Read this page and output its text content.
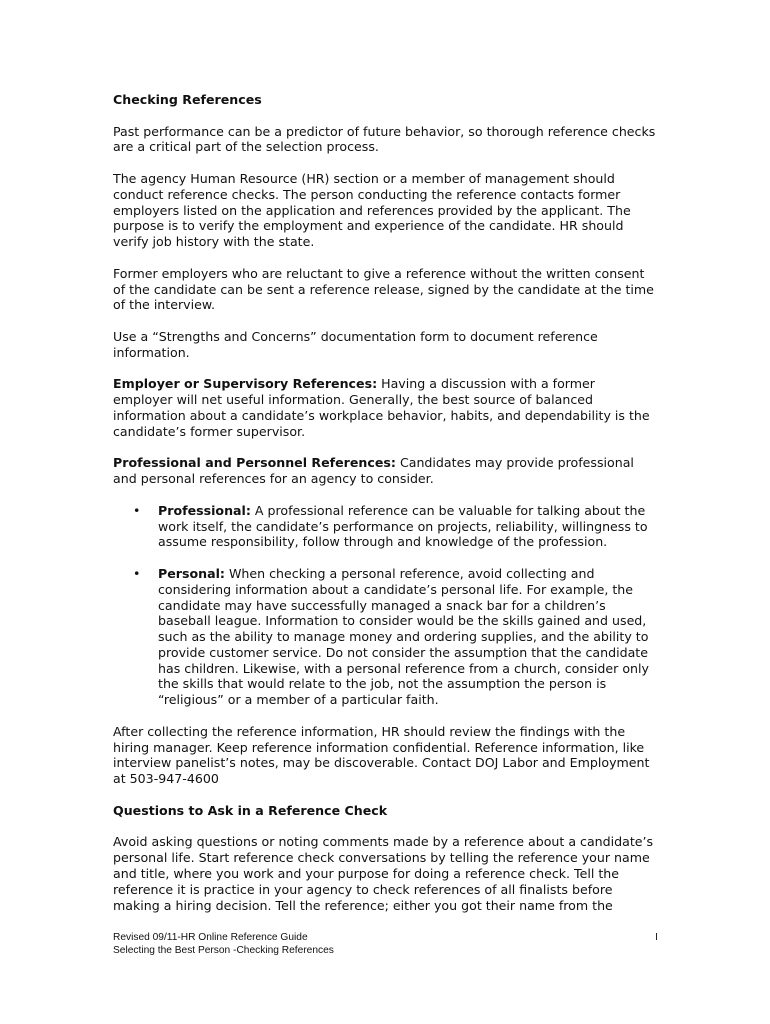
Checking References

Past performance can be a predictor of future behavior, so thorough reference checks are a critical part of the selection process.

The agency Human Resource (HR) section or a member of management should conduct reference checks. The person conducting the reference contacts former employers listed on the application and references provided by the applicant. The purpose is to verify the employment and experience of the candidate. HR should verify job history with the state.

Former employers who are reluctant to give a reference without the written consent of the candidate can be sent a reference release, signed by the candidate at the time of the interview.

Use a “Strengths and Concerns” documentation form to document reference information.

Employer or Supervisory References: Having a discussion with a former employer will net useful information. Generally, the best source of balanced information about a candidate’s workplace behavior, habits, and dependability is the candidate’s former supervisor.

Professional and Personnel References: Candidates may provide professional and personal references for an agency to consider.

• Professional: A professional reference can be valuable for talking about the work itself, the candidate’s performance on projects, reliability, willingness to assume responsibility, follow through and knowledge of the profession.
• Personal: When checking a personal reference, avoid collecting and considering information about a candidate’s personal life. For example, the candidate may have successfully managed a snack bar for a children’s baseball league. Information to consider would be the skills gained and used, such as the ability to manage money and ordering supplies, and the ability to provide customer service. Do not consider the assumption that the candidate has children. Likewise, with a personal reference from a church, consider only the skills that would relate to the job, not the assumption the person is “religious” or a member of a particular faith.

After collecting the reference information, HR should review the findings with the hiring manager. Keep reference information confidential. Reference information, like interview panelist’s notes, may be discoverable. Contact DOJ Labor and Employment at 503-947-4600

Questions to Ask in a Reference Check

Avoid asking questions or noting comments made by a reference about a candidate’s personal life. Start reference check conversations by telling the reference your name and title, where you work and your purpose for doing a reference check. Tell the reference it is practice in your agency to check references of all finalists before making a hiring decision. Tell the reference; either you got their name from the

Revised 09/11-HR Online Reference Guide
Selecting the Best Person -Checking References
I
